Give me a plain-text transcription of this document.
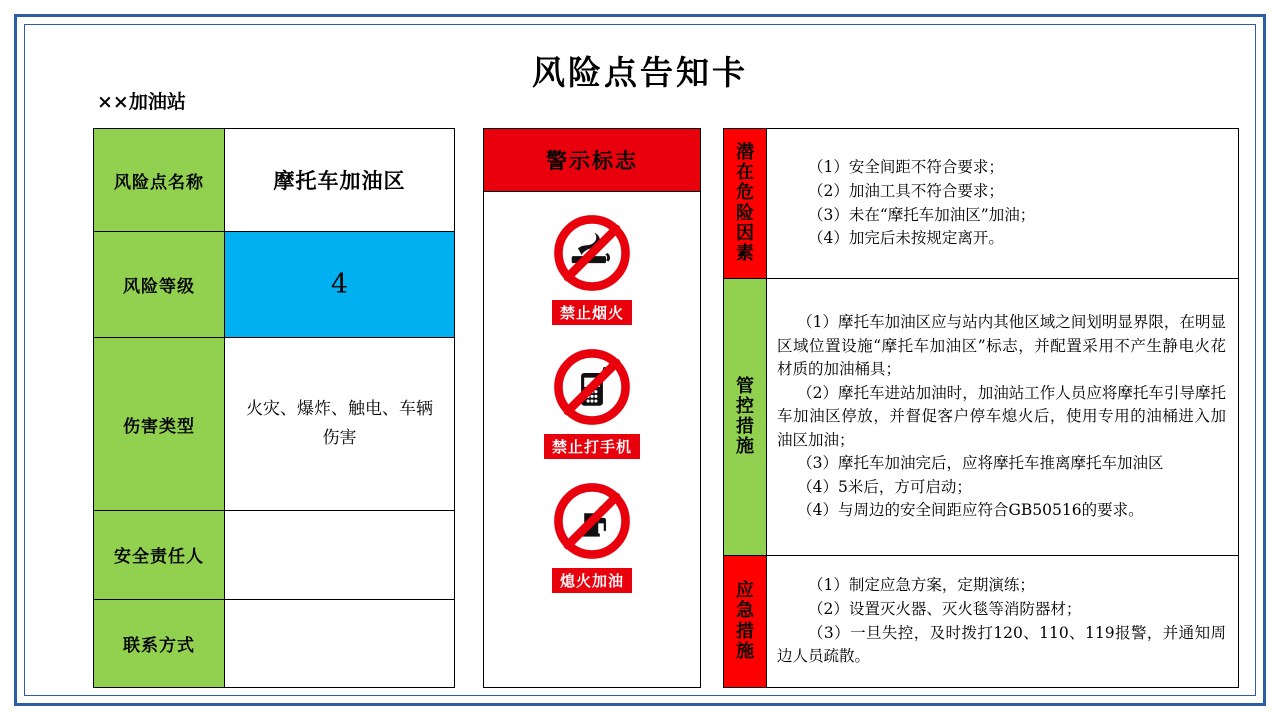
风险点告知卡
××加油站
风险点名称	摩托车加油区
风险等级	4
伤害类型	火灾、爆炸、触电、车辆伤害
安全责任人	
联系方式	
警示标志
禁止烟火
禁止打手机
熄火加油
潜
在
危
险
因
素

（1）安全间距不符合要求；

（2）加油工具不符合要求；

（3）未在“摩托车加油区”加油；

（4）加完后未按规定离开。

管
控
措
施

（1）摩托车加油区应与站内其他区域之间划明显界限，在明显区域位置设施“摩托车加油区”标志，并配置采用不产生静电火花材质的加油桶具；

（2）摩托车进站加油时，加油站工作人员应将摩托车引导摩托车加油区停放，并督促客户停车熄火后，使用专用的油桶进入加油区加油；

（3）摩托车加油完后，应将摩托车推离摩托车加油区

（4）5米后，方可启动；

（4）与周边的安全间距应符合GB50516的要求。

应
急
措
施

（1）制定应急方案，定期演练；

（2）设置灭火器、灭火毯等消防器材；

（3）一旦失控，及时拨打120、110、119报警，并通知周边人员疏散。
